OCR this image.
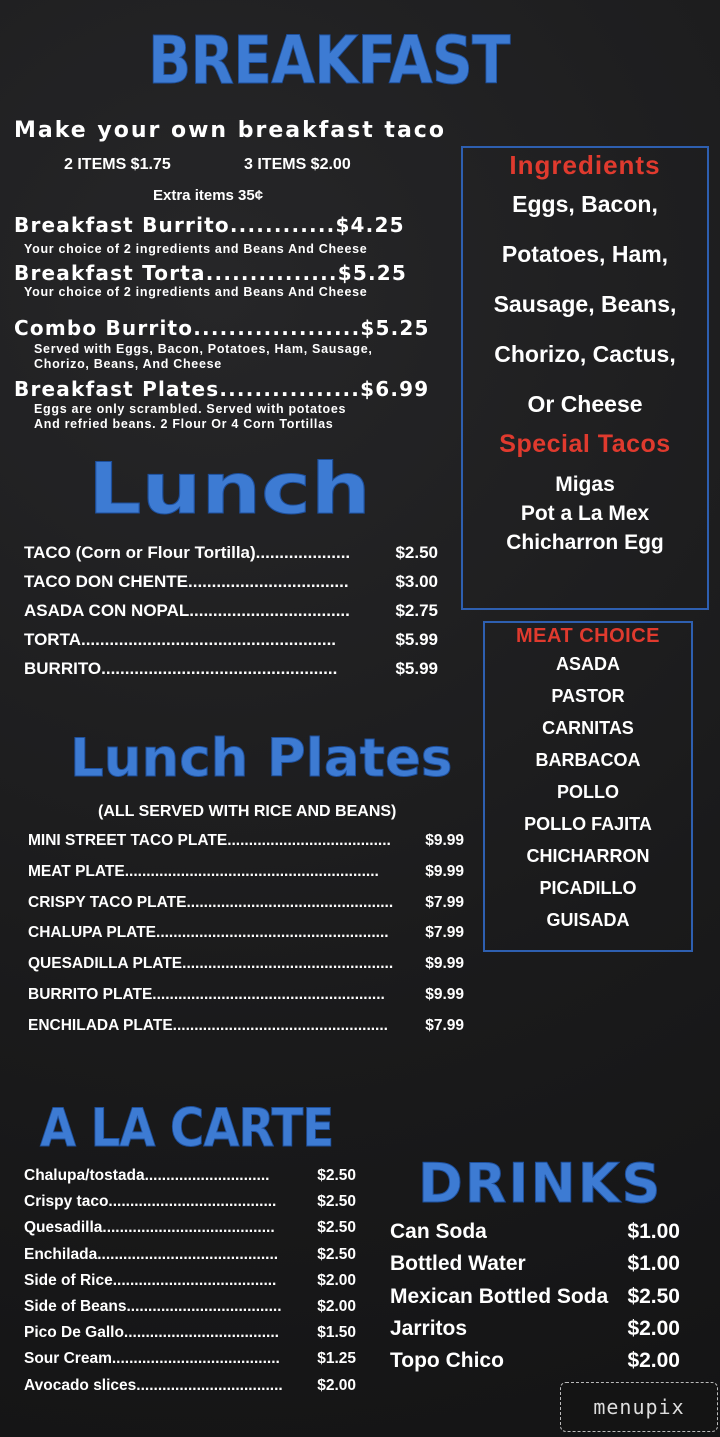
BREAKFAST
Make your own breakfast taco
2 ITEMS $1.75	3 ITEMS $2.00
Extra items 35¢
Breakfast Burrito............$4.25
Your choice of 2 ingredients and Beans And Cheese
Breakfast Torta...............$5.25
Your choice of 2 ingredients and Beans And Cheese
Combo Burrito...................$5.25
Served with Eggs, Bacon, Potatoes, Ham, Sausage,
Chorizo, Beans, And Cheese
Breakfast Plates................$6.99
Eggs are only scrambled. Served with potatoes
And refried beans. 2 Flour Or 4 Corn Tortillas
Ingredients
Eggs, Bacon,
Potatoes, Ham,
Sausage, Beans,
Chorizo, Cactus,
Or Cheese
Special Tacos
Migas
Pot a La Mex
Chicharron Egg
Lunch
TACO (Corn or Flour Tortilla)....................	$2.50
TACO DON CHENTE..................................	$3.00
ASADA CON NOPAL..................................	$2.75
TORTA......................................................	$5.99
BURRITO..................................................	$5.99
MEAT CHOICE
ASADA
PASTOR
CARNITAS
BARBACOA
POLLO
POLLO FAJITA
CHICHARRON
PICADILLO
GUISADA
Lunch Plates
(ALL SERVED WITH RICE AND BEANS)
MINI STREET TACO PLATE...................................... $9.99
MEAT PLATE...........................................................	$9.99
CRISPY TACO PLATE................................................ $7.99
CHALUPA PLATE...................................................... $7.99
QUESADILLA PLATE................................................. $9.99
BURRITO PLATE......................................................	$9.99
ENCHILADA PLATE.................................................. $7.99
A LA CARTE
Chalupa/tostada.............................	$2.50
Crispy taco.......................................	$2.50
Quesadilla........................................	$2.50
Enchilada..........................................	$2.50
Side of Rice......................................	$2.00
Side of Beans.................................... $2.00
Pico De Gallo.................................... $1.50
Sour Cream....................................... $1.25
Avocado slices.................................. $2.00
DRINKS
Can Soda	$1.00
Bottled Water	$1.00
Mexican Bottled Soda $2.50
Jarritos	$2.00
Topo Chico	$2.00
menupix
